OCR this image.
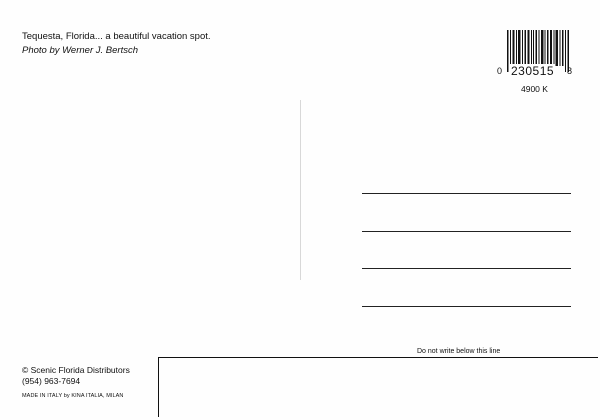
Tequesta, Florida... a beautiful vacation spot.
Photo by Werner J. Bertsch
0 230515 8
4900 K
Do not write below this line
© Scenic Florida Distributors
(954) 963-7694
MADE IN ITALY by KINA ITALIA, MILAN
